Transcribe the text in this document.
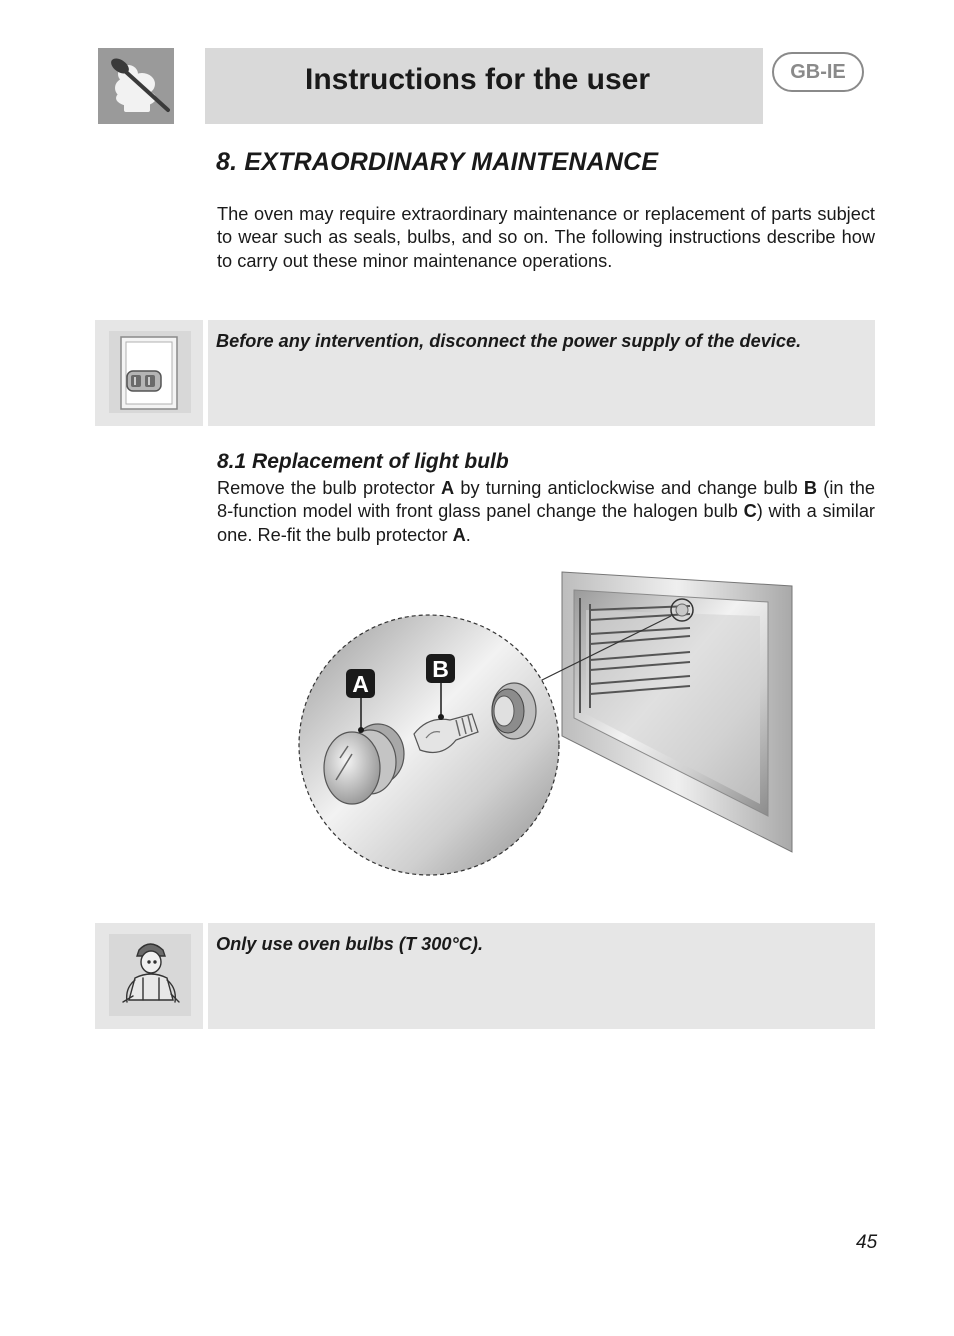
Instructions for the user	GB-IE
8. EXTRAORDINARY MAINTENANCE
The oven may require extraordinary maintenance or replacement of parts subject to wear such as seals, bulbs, and so on. The following instructions describe how to carry out these minor maintenance operations.
Before any intervention, disconnect the power supply of the device.
8.1 Replacement of light bulb
Remove the bulb protector A by turning anticlockwise and change bulb B (in the 8-function model with front glass panel change the halogen bulb C) with a similar one. Re-fit the bulb protector A.
A
B
Only use oven bulbs (T 300°C).
45
